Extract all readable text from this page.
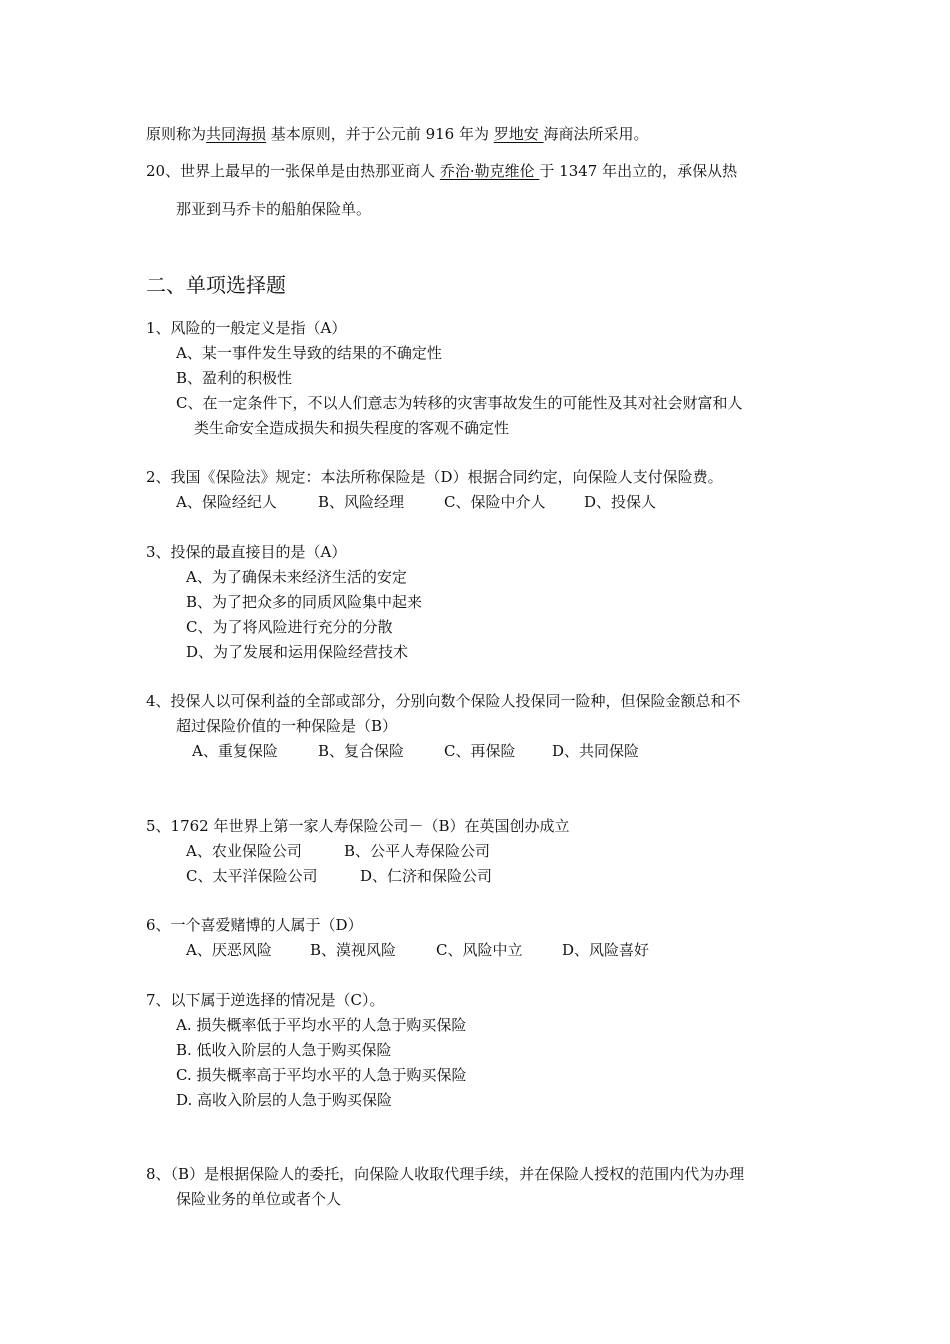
原则称为共同海损 基本原则，并于公元前 916 年为 罗地安 海商法所采用。
20、世界上最早的一张保单是由热那亚商人 乔治·勒克维伦 于 1347 年出立的，承保从热
那亚到马乔卡的船舶保险单。
二、单项选择题
1、风险的一般定义是指（A）
A、某一事件发生导致的结果的不确定性
B、盈利的积极性
C、在一定条件下，不以人们意志为转移的灾害事故发生的可能性及其对社会财富和人
类生命安全造成损失和损失程度的客观不确定性
2、我国《保险法》规定：本法所称保险是（D）根据合同约定，向保险人支付保险费。
A、保险经纪人	B、风险经理	C、保险中介人	D、投保人
3、投保的最直接目的是（A）
A、为了确保未来经济生活的安定
B、为了把众多的同质风险集中起来
C、为了将风险进行充分的分散
D、为了发展和运用保险经营技术
4、投保人以可保利益的全部或部分，分别向数个保险人投保同一险种，但保险金额总和不
超过保险价值的一种保险是（B）
A、重复保险	B、复合保险	C、再保险 D、共同保险
5、1762 年世界上第一家人寿保险公司－（B）在英国创办成立
A、农业保险公司	B、公平人寿保险公司
C、太平洋保险公司	D、仁济和保险公司
6、一个喜爱赌博的人属于（D）
A、厌恶风险	B、漠视风险	C、风险中立	D、风险喜好
7、以下属于逆选择的情况是（C）。
A. 损失概率低于平均水平的人急于购买保险
B. 低收入阶层的人急于购买保险
C. 损失概率高于平均水平的人急于购买保险
D. 高收入阶层的人急于购买保险
8、（B）是根据保险人的委托，向保险人收取代理手续，并在保险人授权的范围内代为办理
保险业务的单位或者个人
